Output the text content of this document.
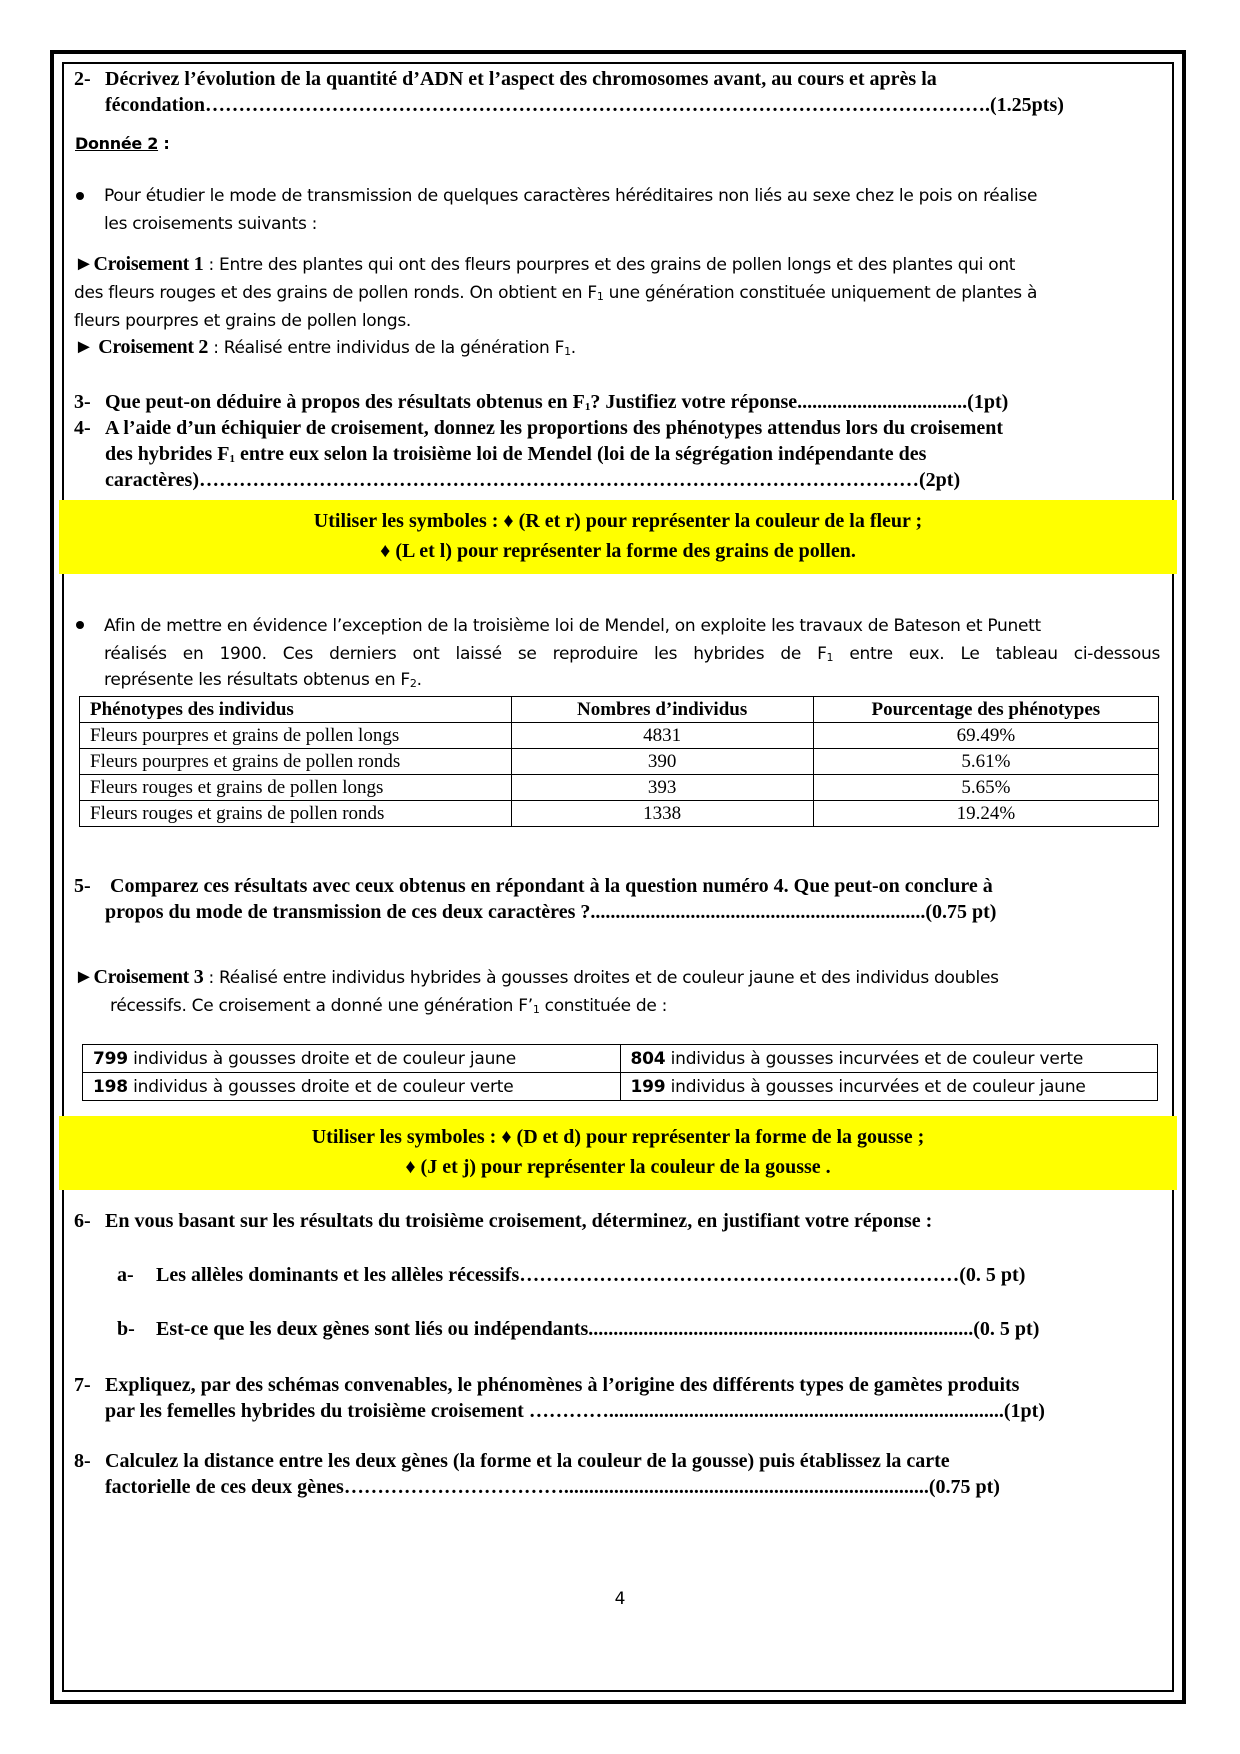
2- Décrivez l’évolution de la quantité d’ADN et l’aspect des chromosomes avant, au cours et après la
fécondation……………………………………………………………………………………………………….(1.25pts)
Donnée 2 :
Pour étudier le mode de transmission de quelques caractères héréditaires non liés au sexe chez le pois on réalise
les croisements suivants :
►Croisement 1 : Entre des plantes qui ont des fleurs pourpres et des grains de pollen longs et des plantes qui ont
des fleurs rouges et des grains de pollen ronds. On obtient en $F_1$ une génération constituée uniquement de plantes à
fleurs pourpres et grains de pollen longs.
► Croisement 2 : Réalisé entre individus de la génération $F_1$.
3- Que peut-on déduire à propos des résultats obtenus en $F_1$? Justifiez votre réponse..................................(1pt)
4- A l’aide d’un échiquier de croisement, donnez les proportions des phénotypes attendus lors du croisement
des hybrides $F_1$ entre eux selon la troisième loi de Mendel (loi de la ségrégation indépendante des
caractères)………………………………………………………………………………………………(2pt)
Utiliser les symboles : ♦ (R et r) pour représenter la couleur de la fleur ;
♦ (L et l) pour représenter la forme des grains de pollen.
Afin de mettre en évidence l’exception de la troisième loi de Mendel, on exploite les travaux de Bateson et Punett
réalisés en 1900. Ces derniers ont laissé se reproduire les hybrides de $F_1$ entre eux. Le tableau ci-dessous
représente les résultats obtenus en $F_2$.
Phénotypes des individus	Nombres d’individus	Pourcentage des phénotypes
Fleurs pourpres et grains de pollen longs	4831	69.49%
Fleurs pourpres et grains de pollen ronds	390	5.61%
Fleurs rouges et grains de pollen longs	393	5.65%
Fleurs rouges et grains de pollen ronds	1338	19.24%
5- Comparez ces résultats avec ceux obtenus en répondant à la question numéro 4. Que peut-on conclure à
propos du mode de transmission de ces deux caractères ?...................................................................(0.75 pt)
►Croisement 3 : Réalisé entre individus hybrides à gousses droites et de couleur jaune et des individus doubles
récessifs. Ce croisement a donné une génération $F’_1$ constituée de :
799 individus à gousses droite et de couleur jaune	804 individus à gousses incurvées et de couleur verte
198 individus à gousses droite et de couleur verte	199 individus à gousses incurvées et de couleur jaune
Utiliser les symboles : ♦ (D et d) pour représenter la forme de la gousse ;
♦ (J et j) pour représenter la couleur de la gousse .
6- En vous basant sur les résultats du troisième croisement, déterminez, en justifiant votre réponse :
a-	Les allèles dominants et les allèles récessifs…………………………………………………………(0. 5 pt)
b-	Est-ce que les deux gènes sont liés ou indépendants.............................................................................(0. 5 pt)
7- Expliquez, par des schémas convenables, le phénomènes à l’origine des différents types de gamètes produits
par les femelles hybrides du troisième croisement …………...............................................................................(1pt)
8- Calculez la distance entre les deux gènes (la forme et la couleur de la gousse) puis établissez la carte
factorielle de ces deux gènes…………………………….........................................................................(0.75 pt)
4
